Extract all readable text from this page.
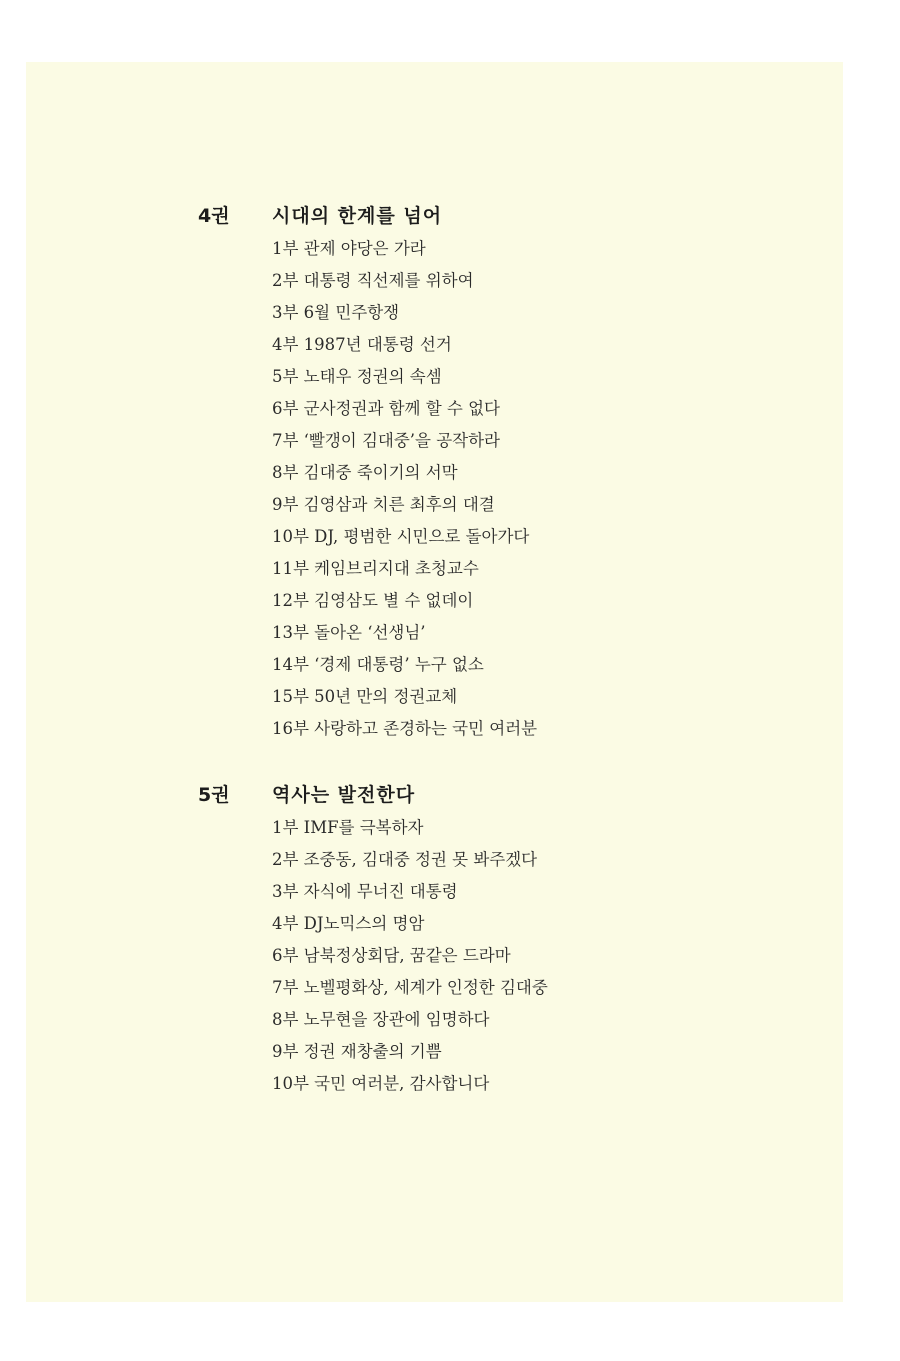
4권 시대의 한계를 넘어
1부 관제 야당은 가라
2부 대통령 직선제를 위하여
3부 6월 민주항쟁
4부 1987년 대통령 선거
5부 노태우 정권의 속셈
6부 군사정권과 함께 할 수 없다
7부 ‘빨갱이 김대중’을 공작하라
8부 김대중 죽이기의 서막
9부 김영삼과 치른 최후의 대결
10부 DJ, 평범한 시민으로 돌아가다
11부 케임브리지대 초청교수
12부 김영삼도 별 수 없데이
13부 돌아온 ‘선생님’
14부 ‘경제 대통령’ 누구 없소
15부 50년 만의 정권교체
16부 사랑하고 존경하는 국민 여러분
5권 역사는 발전한다
1부 IMF를 극복하자
2부 조중동, 김대중 정권 못 봐주겠다
3부 자식에 무너진 대통령
4부 DJ노믹스의 명암
6부 남북정상회담, 꿈같은 드라마
7부 노벨평화상, 세계가 인정한 김대중
8부 노무현을 장관에 임명하다
9부 정권 재창출의 기쁨
10부 국민 여러분, 감사합니다
